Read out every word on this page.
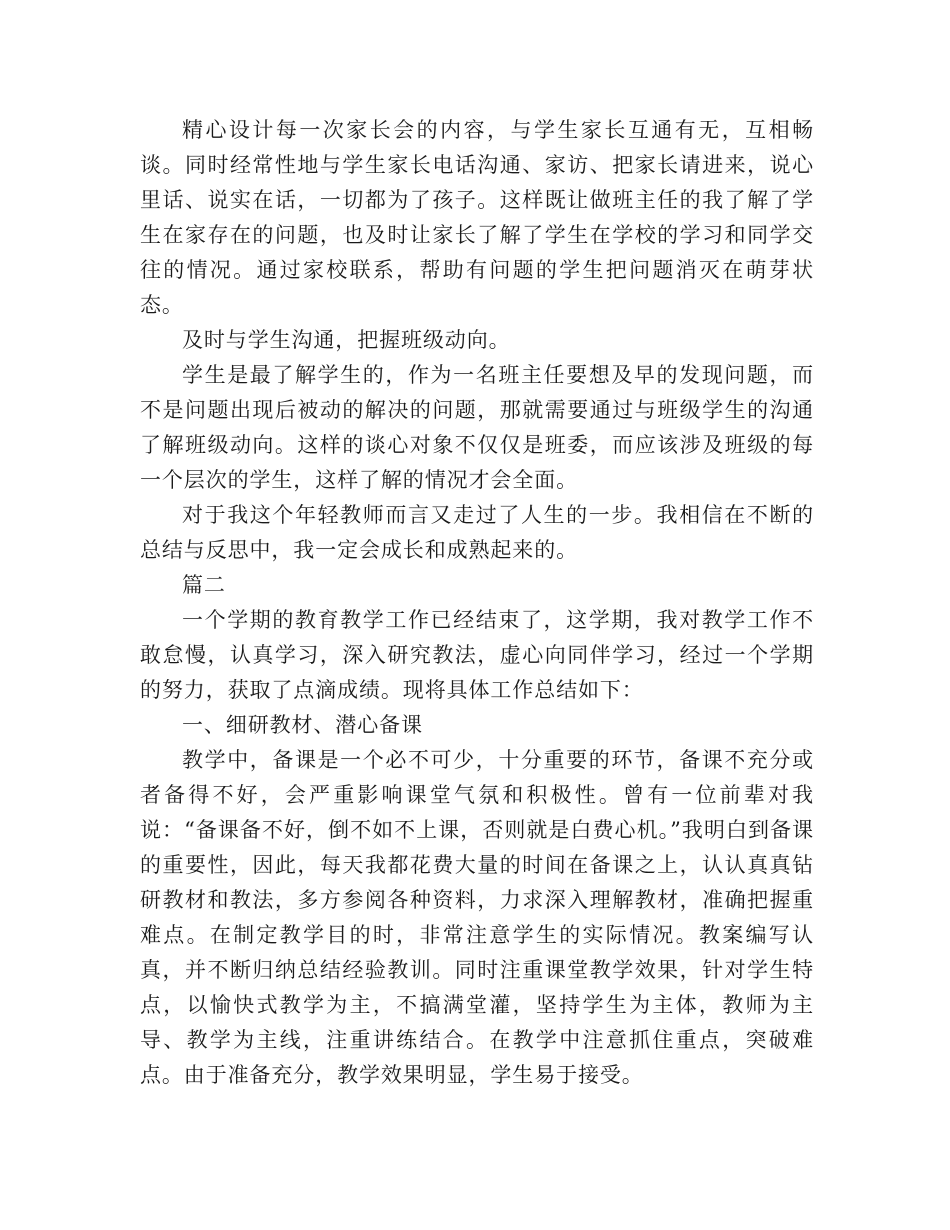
精心设计每一次家长会的内容，与学生家长互通有无，互相畅谈。同时经常性地与学生家长电话沟通、家访、把家长请进来，说心里话、说实在话，一切都为了孩子。这样既让做班主任的我了解了学生在家存在的问题，也及时让家长了解了学生在学校的学习和同学交往的情况。通过家校联系，帮助有问题的学生把问题消灭在萌芽状态。

及时与学生沟通，把握班级动向。

学生是最了解学生的，作为一名班主任要想及早的发现问题，而不是问题出现后被动的解决的问题，那就需要通过与班级学生的沟通了解班级动向。这样的谈心对象不仅仅是班委，而应该涉及班级的每一个层次的学生，这样了解的情况才会全面。

对于我这个年轻教师而言又走过了人生的一步。我相信在不断的总结与反思中，我一定会成长和成熟起来的。

篇二

一个学期的教育教学工作已经结束了，这学期，我对教学工作不敢怠慢，认真学习，深入研究教法，虚心向同伴学习，经过一个学期的努力，获取了点滴成绩。现将具体工作总结如下：

一、细研教材、潜心备课

教学中，备课是一个必不可少，十分重要的环节，备课不充分或者备得不好，会严重影响课堂气氛和积极性。曾有一位前辈对我说：“备课备不好，倒不如不上课，否则就是白费心机。”我明白到备课的重要性，因此，每天我都花费大量的时间在备课之上，认认真真钻研教材和教法，多方参阅各种资料，力求深入理解教材，准确把握重难点。在制定教学目的时，非常注意学生的实际情况。教案编写认真，并不断归纳总结经验教训。同时注重课堂教学效果，针对学生特点，以愉快式教学为主，不搞满堂灌，坚持学生为主体，教师为主导、教学为主线，注重讲练结合。在教学中注意抓住重点，突破难点。由于准备充分，教学效果明显，学生易于接受。
